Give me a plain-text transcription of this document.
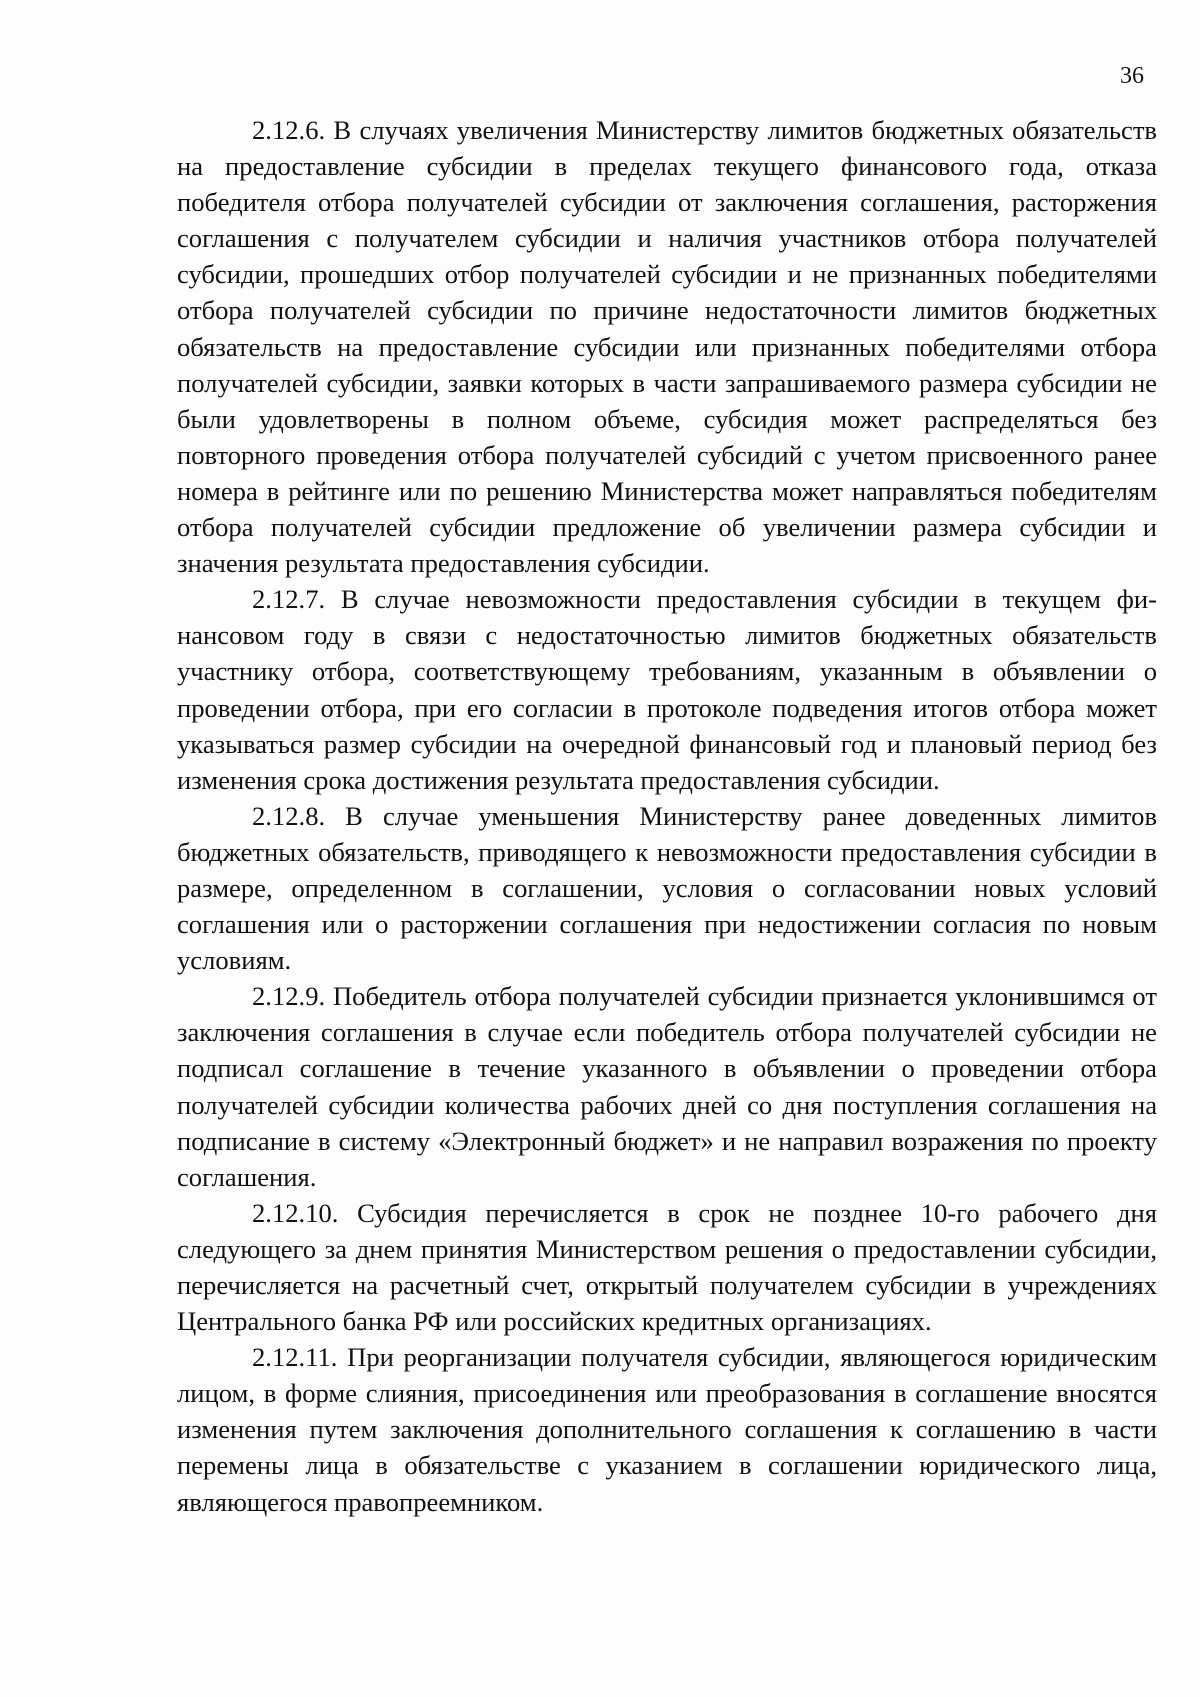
36

2.12.6. В случаях увеличения Министерству лимитов бюджетных обязательств на предоставление субсидии в пределах текущего финансового года, отказа победителя отбора получателей субсидии от заключения соглашения, расторжения соглашения с получателем субсидии и наличия участников отбора получателей субсидии, прошедших отбор получателей субсидии и не признанных победителями отбора получателей субсидии по причине недостаточности лимитов бюджетных обязательств на предоставление субсидии или признанных победителями отбора получателей субсидии, заявки которых в части запрашиваемого размера субсидии не были удовлетворены в полном объеме, субсидия может распределяться без повторного проведения отбора получателей субсидий с учетом присвоенного ранее номера в рейтинге или по решению Министерства может направляться победителям отбора получателей субсидии предложение об увеличении размера субсидии и значения результата предоставления субсидии.

2.12.7. В случае невозможности предоставления субсидии в текущем финансовом году в связи с недостаточностью лимитов бюджетных обязательств участнику отбора, соответствующему требованиям, указанным в объявлении о проведении отбора, при его согласии в протоколе подведения итогов отбора может указываться размер субсидии на очередной финансовый год и плановый период без изменения срока достижения результата предоставления субсидии.

2.12.8. В случае уменьшения Министерству ранее доведенных лимитов бюджетных обязательств, приводящего к невозможности предоставления субсидии в размере, определенном в соглашении, условия о согласовании новых условий соглашения или о расторжении соглашения при недостижении согласия по новым условиям.

2.12.9. Победитель отбора получателей субсидии признается уклонившимся от заключения соглашения в случае если победитель отбора получателей субсидии не подписал соглашение в течение указанного в объявлении о проведении отбора получателей субсидии количества рабочих дней со дня поступления соглашения на подписание в систему «Электронный бюджет» и не направил возражения по проекту соглашения.

2.12.10. Субсидия перечисляется в срок не позднее 10-го рабочего дня следующего за днем принятия Министерством решения о предоставлении субсидии, перечисляется на расчетный счет, открытый получателем субсидии в учреждениях Центрального банка РФ или российских кредитных организациях.

2.12.11. При реорганизации получателя субсидии, являющегося юридическим лицом, в форме слияния, присоединения или преобразования в соглашение вносятся изменения путем заключения дополнительного соглашения к соглашению в части перемены лица в обязательстве с указанием в соглашении юридического лица, являющегося правопреемником.
